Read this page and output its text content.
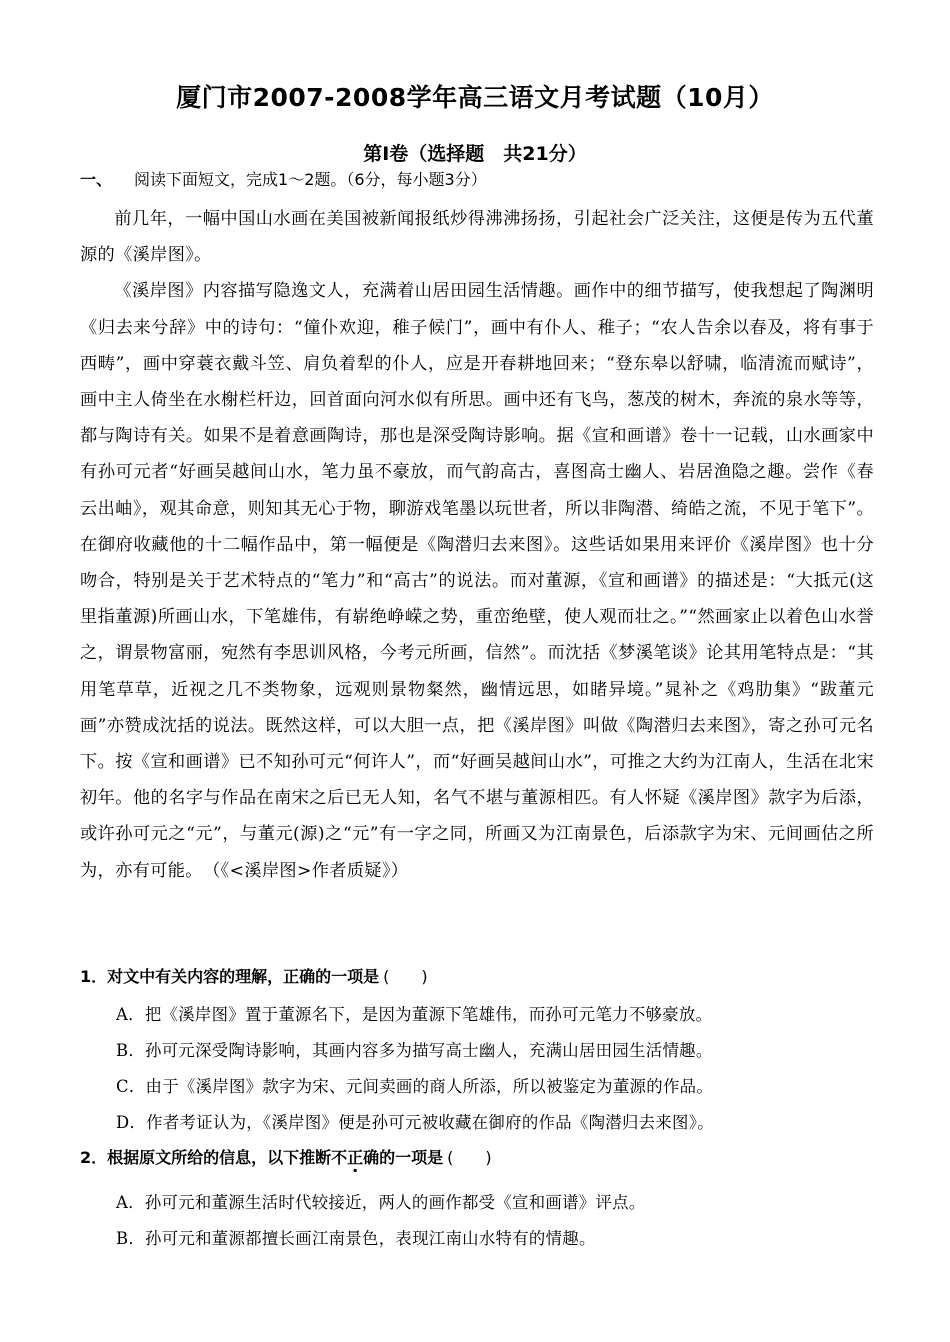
厦门市2007-2008学年高三语文月考试题（10月）
第Ⅰ卷（选择题　共21分）
一、 阅读下面短文，完成1～2题。（6分，每小题3分）

前几年，一幅中国山水画在美国被新闻报纸炒得沸沸扬扬，引起社会广泛关注，这便是传为五代董源的《溪岸图》。

《溪岸图》内容描写隐逸文人，充满着山居田园生活情趣。画作中的细节描写，使我想起了陶渊明《归去来兮辞》中的诗句：“僮仆欢迎，稚子候门”，画中有仆人、稚子；“农人告余以春及，将有事于西畴”，画中穿蓑衣戴斗笠、肩负着犁的仆人，应是开春耕地回来；“登东皋以舒啸，临清流而赋诗”，画中主人倚坐在水榭栏杆边，回首面向河水似有所思。画中还有飞鸟，葱茂的树木，奔流的泉水等等，都与陶诗有关。如果不是着意画陶诗，那也是深受陶诗影响。据《宣和画谱》卷十一记载，山水画家中有孙可元者“好画吴越间山水，笔力虽不豪放，而气韵高古，喜图高士幽人、岩居渔隐之趣。尝作《春云出岫》，观其命意，则知其无心于物，聊游戏笔墨以玩世者，所以非陶潜、绮皓之流，不见于笔下”。在御府收藏他的十二幅作品中，第一幅便是《陶潜归去来图》。这些话如果用来评价《溪岸图》也十分吻合，特别是关于艺术特点的“笔力”和“高古”的说法。而对董源，《宣和画谱》的描述是：“大抵元(这里指董源)所画山水，下笔雄伟，有崭绝峥嵘之势，重峦绝壁，使人观而壮之。”“然画家止以着色山水誉之，谓景物富丽，宛然有李思训风格，今考元所画，信然”。而沈括《梦溪笔谈》论其用笔特点是：“其用笔草草，近视之几不类物象，远观则景物粲然，幽情远思，如睹异境。”晁补之《鸡肋集》“跋董元画”亦赞成沈括的说法。既然这样，可以大胆一点，把《溪岸图》叫做《陶潜归去来图》，寄之孙可元名下。按《宣和画谱》已不知孙可元“何许人”，而“好画吴越间山水”，可推之大约为江南人，生活在北宋初年。他的名字与作品在南宋之后已无人知，名气不堪与董源相匹。有人怀疑《溪岸图》款字为后添，或许孙可元之“元”，与董元(源)之“元”有一字之同，所画又为江南景色，后添款字为宋、元间画估之所为，亦有可能。　（《<溪岸图>作者质疑》）

1．对文中有关内容的理解，正确的一项是 (　　)
A．把《溪岸图》置于董源名下，是因为董源下笔雄伟，而孙可元笔力不够豪放。
B．孙可元深受陶诗影响，其画内容多为描写高士幽人，充满山居田园生活情趣。
C．由于《溪岸图》款字为宋、元间卖画的商人所添，所以被鉴定为董源的作品。
D．作者考证认为，《溪岸图》便是孙可元被收藏在御府的作品《陶潜归去来图》。
2．根据原文所给的信息，以下推断不正确的一项是 (　　)
A．孙可元和董源生活时代较接近，两人的画作都受《宣和画谱》评点。
B．孙可元和董源都擅长画江南景色，表现江南山水特有的情趣。
